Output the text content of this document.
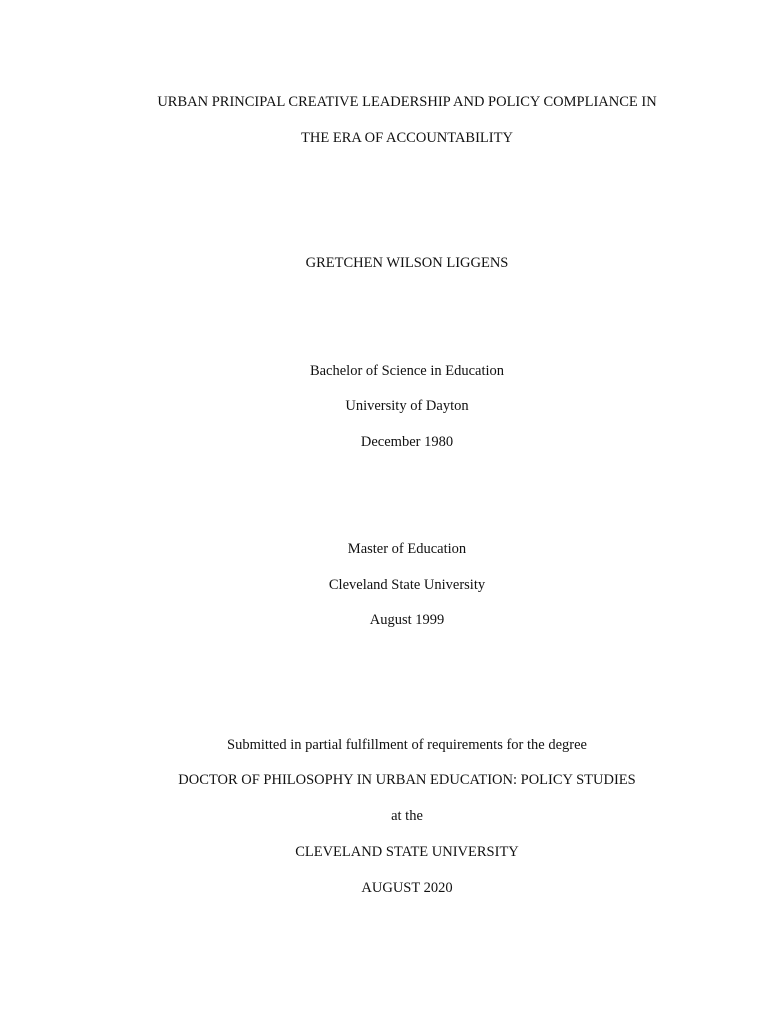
URBAN PRINCIPAL CREATIVE LEADERSHIP AND POLICY COMPLIANCE IN
THE ERA OF ACCOUNTABILITY
GRETCHEN WILSON LIGGENS
Bachelor of Science in Education
University of Dayton
December 1980
Master of Education
Cleveland State University
August 1999
Submitted in partial fulfillment of requirements for the degree
DOCTOR OF PHILOSOPHY IN URBAN EDUCATION: POLICY STUDIES
at the
CLEVELAND STATE UNIVERSITY
AUGUST 2020
